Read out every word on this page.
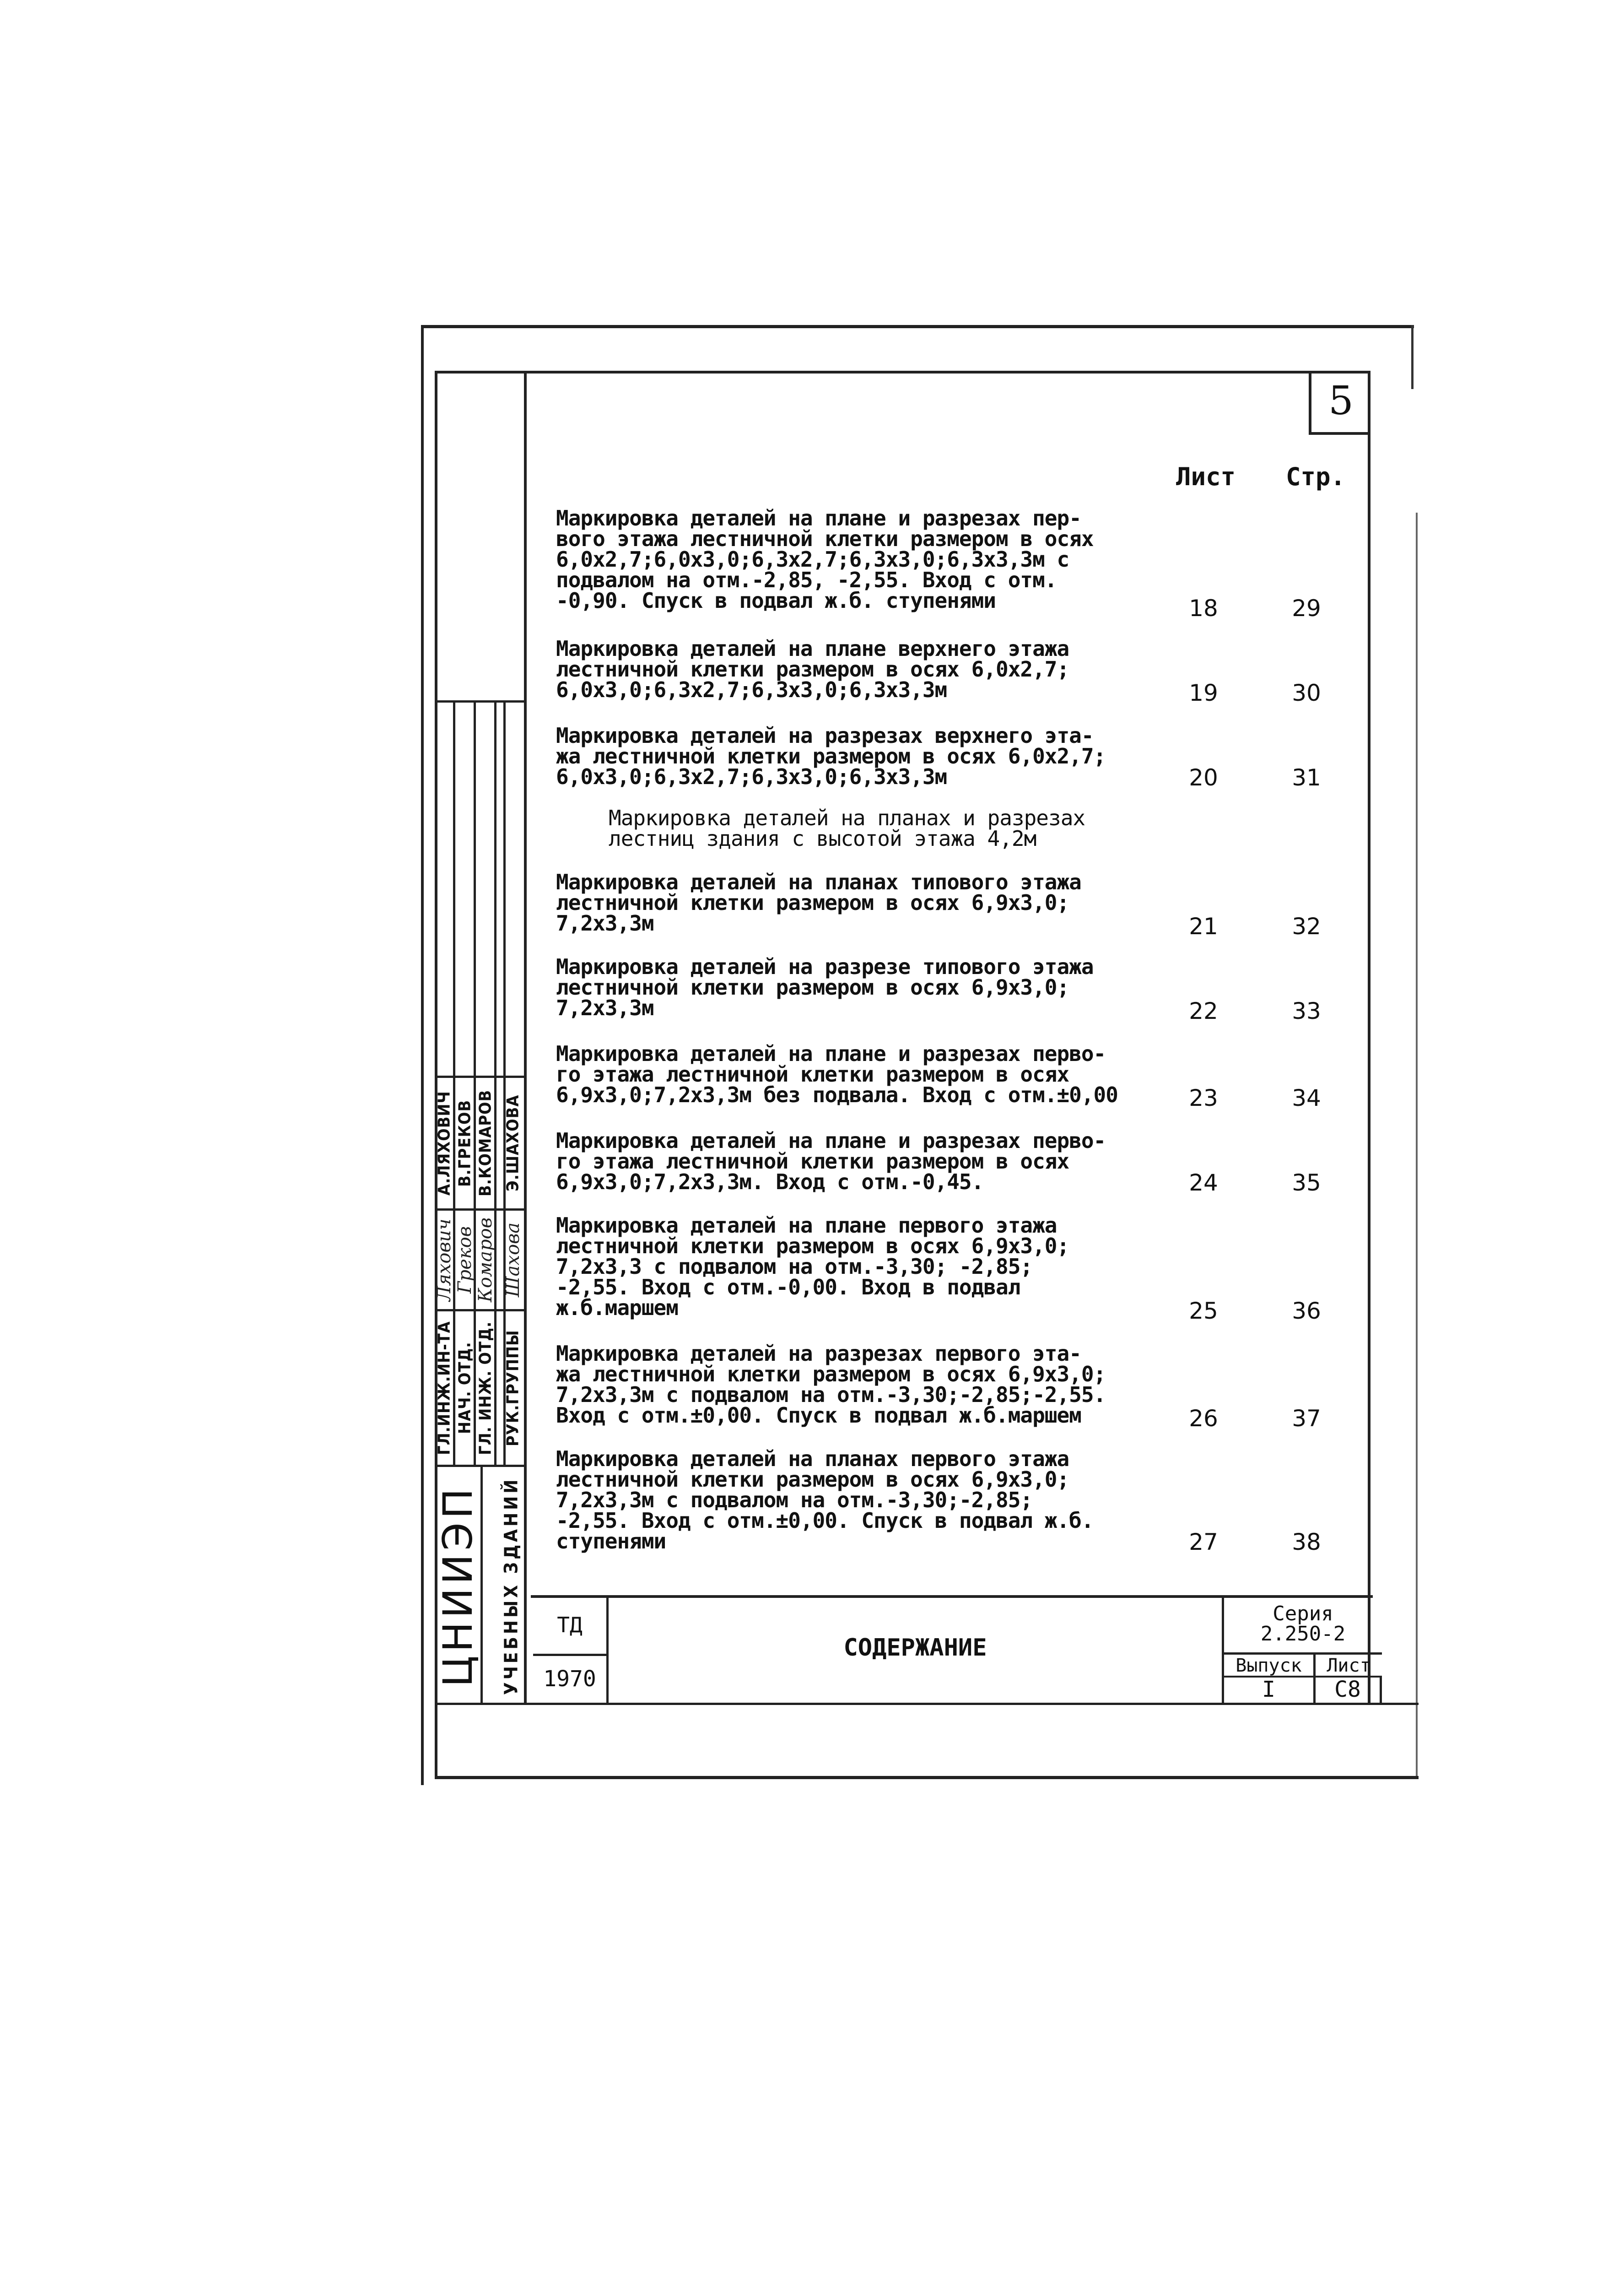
5
Лист Стр.
Маркировка деталей на плане и разрезах пер-
вого этажа лестничной клетки размером в осях
6,0х2,7;6,0х3,0;6,3х2,7;6,3х3,0;6,3х3,3м с
подвалом на отм.-2,85, -2,55. Вход с отм.
-0,90. Спуск в подвал ж.б. ступенями	18	29
Маркировка деталей на плане верхнего этажа
лестничной клетки размером в осях 6,0х2,7;
6,0х3,0;6,3х2,7;6,3х3,0;6,3х3,3м	19	30
Маркировка деталей на разрезах верхнего эта-
жа лестничной клетки размером в осях 6,0х2,7;
6,0х3,0;6,3х2,7;6,3х3,0;6,3х3,3м	20	31
Маркировка деталей на планах и разрезах
лестниц здания с высотой этажа 4,2м
Маркировка деталей на планах типового этажа
лестничной клетки размером в осях 6,9х3,0;
7,2х3,3м	21	32
Маркировка деталей на разрезе типового этажа
лестничной клетки размером в осях 6,9х3,0;
7,2х3,3м	22	33
Маркировка деталей на плане и разрезах перво-
го этажа лестничной клетки размером в осях
6,9х3,0;7,2х3,3м без подвала. Вход с отм.±0,00	23	34
Маркировка деталей на плане и разрезах перво-
го этажа лестничной клетки размером в осях
6,9х3,0;7,2х3,3м. Вход с отм.-0,45.	24	35
Маркировка деталей на плане первого этажа
лестничной клетки размером в осях 6,9х3,0;
7,2х3,3 с подвалом на отм.-3,30; -2,85;
-2,55. Вход с отм.-0,00. Вход в подвал
ж.б.маршем	25	36
Маркировка деталей на разрезах первого эта-
жа лестничной клетки размером в осях 6,9х3,0;
7,2х3,3м с подвалом на отм.-3,30;-2,85;-2,55.
Вход с отм.±0,00. Спуск в подвал ж.б.маршем	26	37
Маркировка деталей на планах первого этажа
лестничной клетки размером в осях 6,9х3,0;
7,2х3,3м с подвалом на отм.-3,30;-2,85;
-2,55. Вход с отм.±0,00. Спуск в подвал ж.б.
ступенями	27	38
А.ЛЯХОВИЧ В.ГРЕКОВ В.КОМАРОВ Э.ШАХОВА
Ляхович Греков Комаров Шахова
ГЛ.ИНЖ.ИН-ТА НАЧ. ОТД. ГЛ. ИНЖ. ОТД. РУК.ГРУППЫ
ЦНИИЭП УЧЕБНЫХ ЗДАНИЙ	ТД
1970
СОДЕРЖАНИЕ
Серия
2.250-2
Выпуск	Лист
I	С8
